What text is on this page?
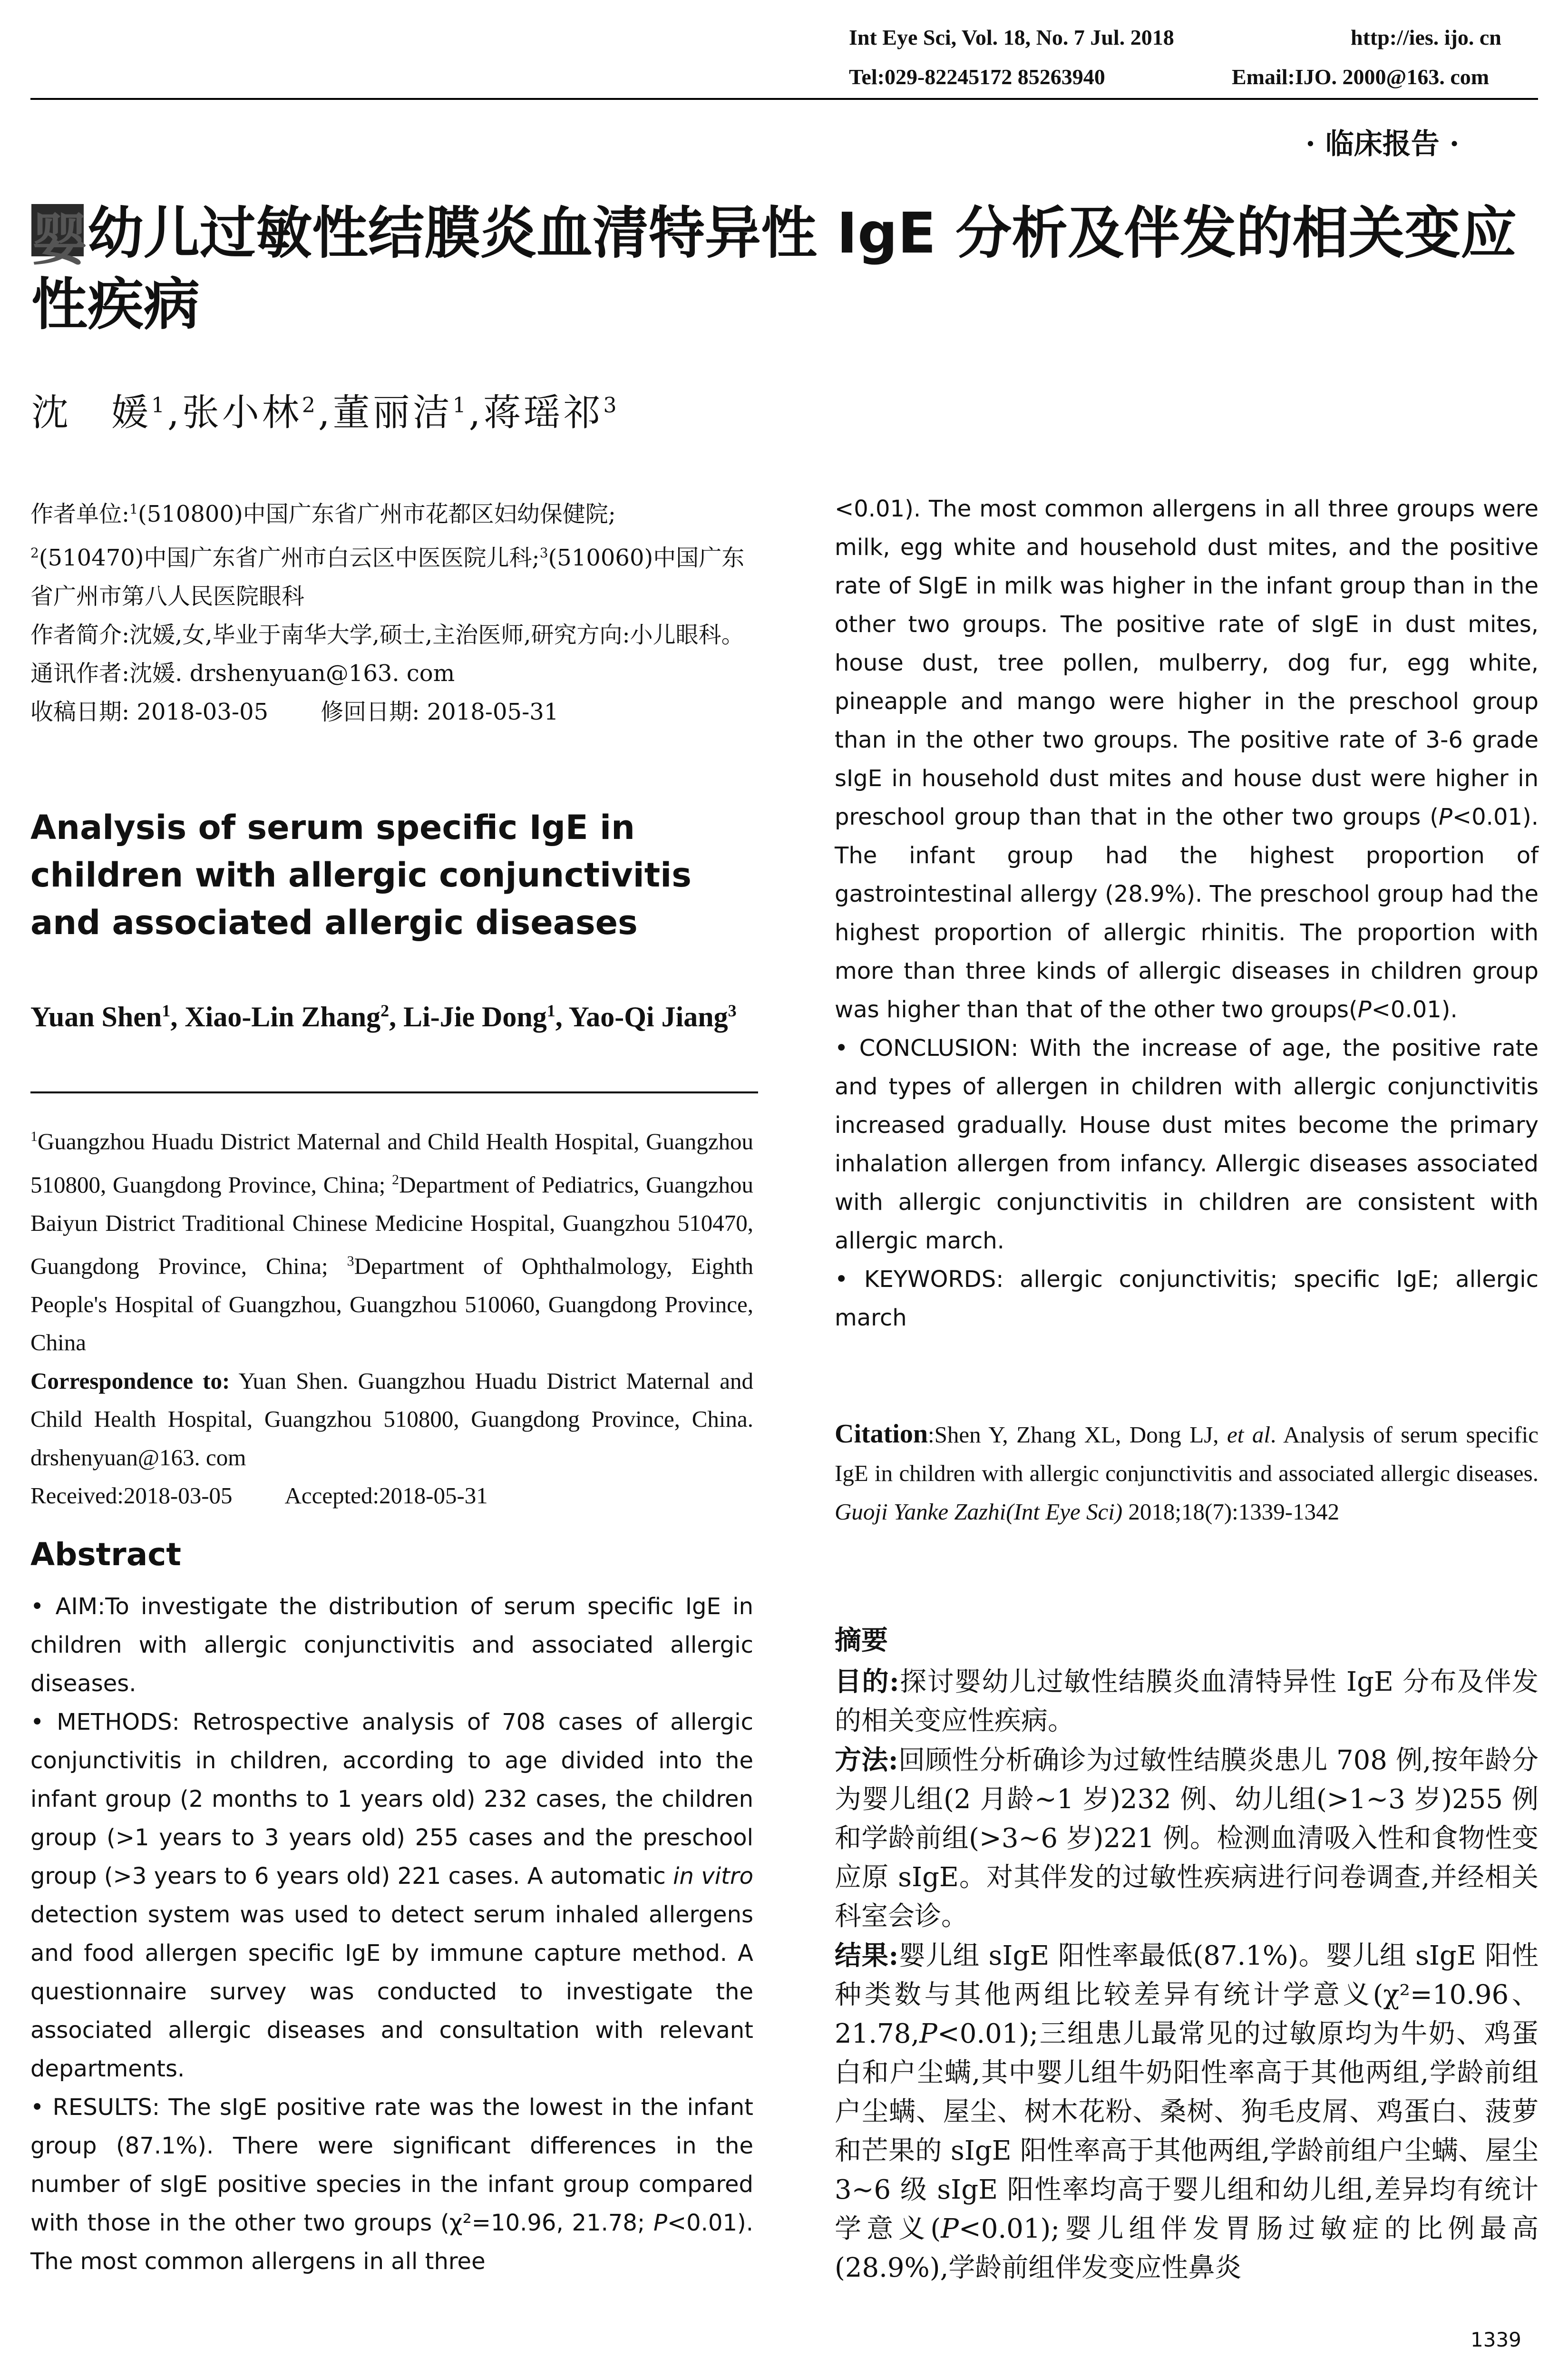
Int Eye Sci, Vol. 18, No. 7 Jul. 2018	http://ies. ijo. cn
Tel:029-82245172 85263940	Email:IJO. 2000@163. com
· 临床报告 ·
婴幼儿过敏性结膜炎血清特异性 IgE 分析及伴发的相关变应性疾病
沈　媛$^1$,张小林$^2$,董丽洁$^1$,蒋瑶祁$^3$
作者单位:$^1$(510800)中国广东省广州市花都区妇幼保健院;
$^2$(510470)中国广东省广州市白云区中医医院儿科;$^3$(510060)中国广东省广州市第八人民医院眼科
作者简介:沈媛,女,毕业于南华大学,硕士,主治医师,研究方向:小儿眼科。
通讯作者:沈媛. drshenyuan@163. com
收稿日期: 2018-03-05 修回日期: 2018-05-31
Analysis of serum specific IgE in children with allergic conjunctivitis and associated allergic diseases
Yuan Shen$^1$, Xiao-Lin Zhang$^2$, Li-Jie Dong$^1$, Yao-Qi Jiang$^3$
$^1$Guangzhou Huadu District Maternal and Child Health Hospital, Guangzhou 510800, Guangdong Province, China; $^2$Department of Pediatrics, Guangzhou Baiyun District Traditional Chinese Medicine Hospital, Guangzhou 510470, Guangdong Province, China; $^3$Department of Ophthalmology, Eighth People's Hospital of Guangzhou, Guangzhou 510060, Guangdong Province, China
Correspondence to: Yuan Shen. Guangzhou Huadu District Maternal and Child Health Hospital, Guangzhou 510800, Guangdong Province, China. drshenyuan@163. com
Received:2018-03-05 Accepted:2018-05-31
Abstract

• AIM:To investigate the distribution of serum specific IgE in children with allergic conjunctivitis and associated allergic diseases.

• METHODS: Retrospective analysis of 708 cases of allergic conjunctivitis in children, according to age divided into the infant group (2 months to 1 years old) 232 cases, the children group (>1 years to 3 years old) 255 cases and the preschool group (>3 years to 6 years old) 221 cases. A automatic in vitro detection system was used to detect serum inhaled allergens and food allergen specific IgE by immune capture method. A questionnaire survey was conducted to investigate the associated allergic diseases and consultation with relevant departments.

• RESULTS: The sIgE positive rate was the lowest in the infant group (87.1%). There were significant differences in the number of sIgE positive species in the infant group compared with those in the other two groups (χ²=10.96, 21.78; P<0.01). The most common allergens in all three

<0.01). The most common allergens in all three groups were milk, egg white and household dust mites, and the positive rate of SIgE in milk was higher in the infant group than in the other two groups. The positive rate of sIgE in dust mites, house dust, tree pollen, mulberry, dog fur, egg white, pineapple and mango were higher in the preschool group than in the other two groups. The positive rate of 3-6 grade sIgE in household dust mites and house dust were higher in preschool group than that in the other two groups (P<0.01). The infant group had the highest proportion of gastrointestinal allergy (28.9%). The preschool group had the highest proportion of allergic rhinitis. The proportion with more than three kinds of allergic diseases in children group was higher than that of the other two groups(P<0.01).

• CONCLUSION: With the increase of age, the positive rate and types of allergen in children with allergic conjunctivitis increased gradually. House dust mites become the primary inhalation allergen from infancy. Allergic diseases associated with allergic conjunctivitis in children are consistent with allergic march.

• KEYWORDS: allergic conjunctivitis; specific IgE; allergic march

Citation:Shen Y, Zhang XL, Dong LJ, et al. Analysis of serum specific IgE in children with allergic conjunctivitis and associated allergic diseases. Guoji Yanke Zazhi(Int Eye Sci) 2018;18(7):1339-1342
摘要

目的:探讨婴幼儿过敏性结膜炎血清特异性 IgE 分布及伴发的相关变应性疾病。

方法:回顾性分析确诊为过敏性结膜炎患儿 708 例,按年龄分为婴儿组(2 月龄~1 岁)232 例、幼儿组(>1~3 岁)255 例和学龄前组(>3~6 岁)221 例。检测血清吸入性和食物性变应原 sIgE。对其伴发的过敏性疾病进行问卷调查,并经相关科室会诊。

结果:婴儿组 sIgE 阳性率最低(87.1%)。婴儿组 sIgE 阳性种类数与其他两组比较差异有统计学意义(χ²=10.96、21.78,P<0.01);三组患儿最常见的过敏原均为牛奶、鸡蛋白和户尘螨,其中婴儿组牛奶阳性率高于其他两组,学龄前组户尘螨、屋尘、树木花粉、桑树、狗毛皮屑、鸡蛋白、菠萝和芒果的 sIgE 阳性率高于其他两组,学龄前组户尘螨、屋尘 3~6 级 sIgE 阳性率均高于婴儿组和幼儿组,差异均有统计学意义(P<0.01);婴儿组伴发胃肠过敏症的比例最高(28.9%),学龄前组伴发变应性鼻炎

1339
